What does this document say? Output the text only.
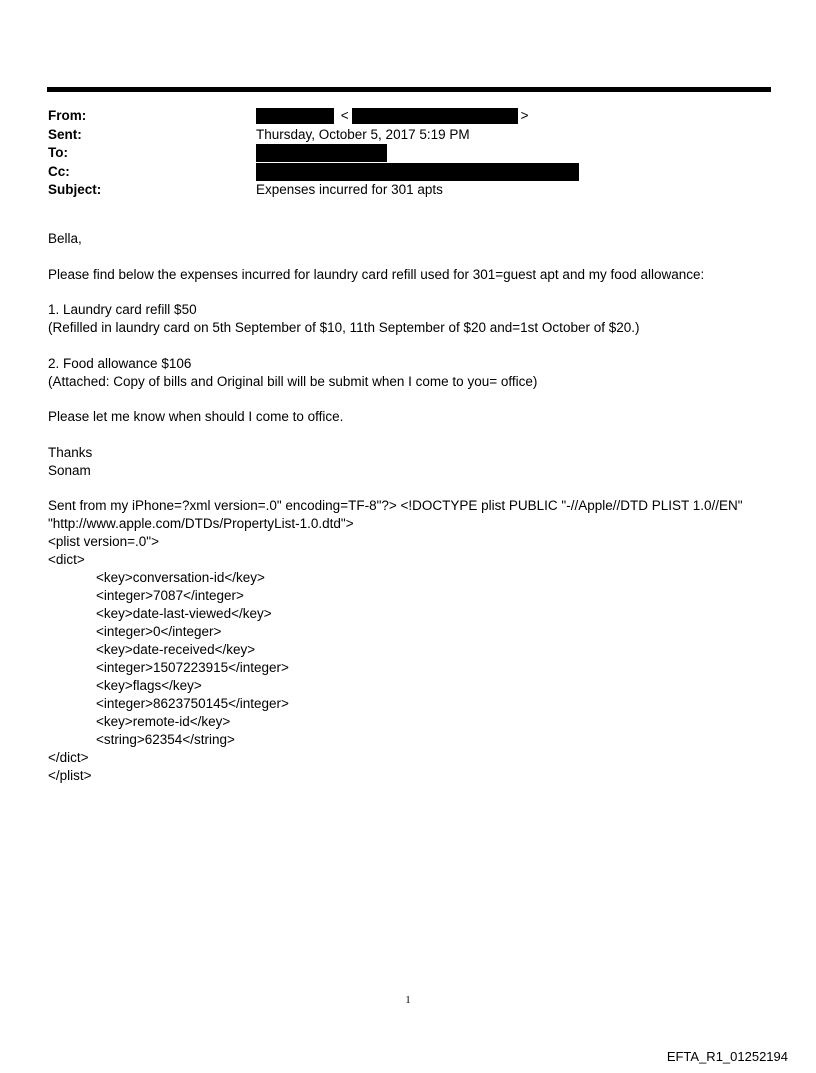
From:	<	>
Sent:	Thursday, October 5, 2017 5:19 PM
To:
Cc:
Subject:	Expenses incurred for 301 apts

Bella,

Please find below the expenses incurred for laundry card refill used for 301=guest apt and my food allowance:

1. Laundry card refill $50

(Refilled in laundry card on 5th September of $10, 11th September of $20 and=1st October of $20.)

2. Food allowance $106

(Attached: Copy of bills and Original bill will be submit when I come to you= office)

Please let me know when should I come to office.

Thanks

Sonam

Sent from my iPhone=?xml version=.0" encoding=TF-8"?> <!DOCTYPE plist PUBLIC "-//Apple//DTD PLIST 1.0//EN"

"http://www.apple.com/DTDs/PropertyList-1.0.dtd">

<plist version=.0">

<dict>

<key>conversation-id</key>

<integer>7087</integer>

<key>date-last-viewed</key>

<integer>0</integer>

<key>date-received</key>

<integer>1507223915</integer>

<key>flags</key>

<integer>8623750145</integer>

<key>remote-id</key>

<string>62354</string>

</dict>

</plist>

1
EFTA_R1_01252194
